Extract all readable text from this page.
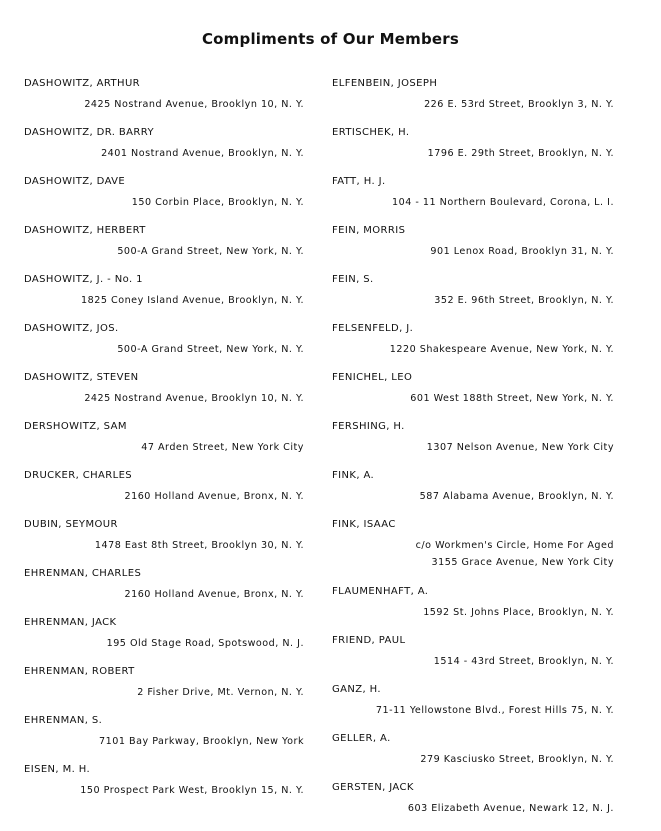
Compliments of Our Members
DASHOWITZ, ARTHUR
2425 Nostrand Avenue, Brooklyn 10, N. Y.
DASHOWITZ, DR. BARRY
2401 Nostrand Avenue, Brooklyn, N. Y.
DASHOWITZ, DAVE
150 Corbin Place, Brooklyn, N. Y.
DASHOWITZ, HERBERT
500-A Grand Street, New York, N. Y.
DASHOWITZ, J. - No. 1
1825 Coney Island Avenue, Brooklyn, N. Y.
DASHOWITZ, JOS.
500-A Grand Street, New York, N. Y.
DASHOWITZ, STEVEN
2425 Nostrand Avenue, Brooklyn 10, N. Y.
DERSHOWITZ, SAM
47 Arden Street, New York City
DRUCKER, CHARLES
2160 Holland Avenue, Bronx, N. Y.
DUBIN, SEYMOUR
1478 East 8th Street, Brooklyn 30, N. Y.
EHRENMAN, CHARLES
2160 Holland Avenue, Bronx, N. Y.
EHRENMAN, JACK
195 Old Stage Road, Spotswood, N. J.
EHRENMAN, ROBERT
2 Fisher Drive, Mt. Vernon, N. Y.
EHRENMAN, S.
7101 Bay Parkway, Brooklyn, New York
EISEN, M. H.
150 Prospect Park West, Brooklyn 15, N. Y.
ELFENBEIN, JOSEPH
226 E. 53rd Street, Brooklyn 3, N. Y.
ERTISCHEK, H.
1796 E. 29th Street, Brooklyn, N. Y.
FATT, H. J.
104 - 11 Northern Boulevard, Corona, L. I.
FEIN, MORRIS
901 Lenox Road, Brooklyn 31, N. Y.
FEIN, S.
352 E. 96th Street, Brooklyn, N. Y.
FELSENFELD, J.
1220 Shakespeare Avenue, New York, N. Y.
FENICHEL, LEO
601 West 188th Street, New York, N. Y.
FERSHING, H.
1307 Nelson Avenue, New York City
FINK, A.
587 Alabama Avenue, Brooklyn, N. Y.
FINK, ISAAC
c/o Workmen's Circle, Home For Aged
3155 Grace Avenue, New York City
FLAUMENHAFT, A.
1592 St. Johns Place, Brooklyn, N. Y.
FRIEND, PAUL
1514 - 43rd Street, Brooklyn, N. Y.
GANZ, H.
71-11 Yellowstone Blvd., Forest Hills 75, N. Y.
GELLER, A.
279 Kasciusko Street, Brooklyn, N. Y.
GERSTEN, JACK
603 Elizabeth Avenue, Newark 12, N. J.
